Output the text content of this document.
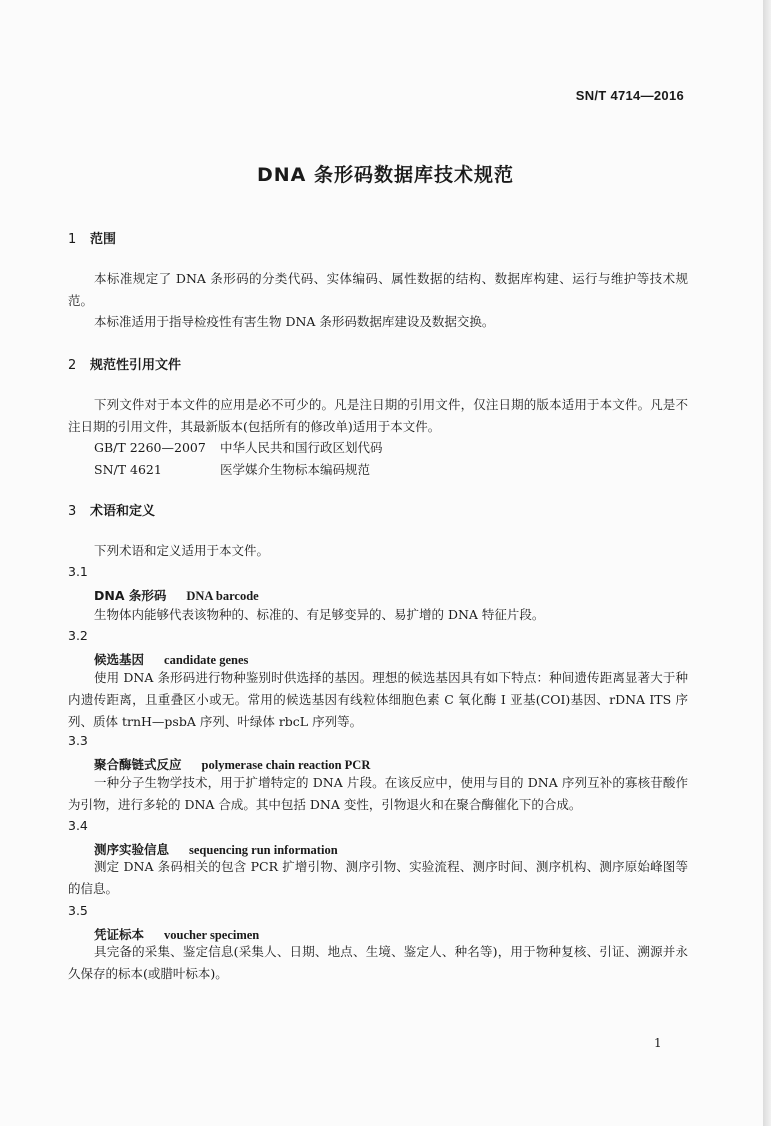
SN/T 4714—2016
DNA 条形码数据库技术规范
1 范围
本标准规定了 DNA 条形码的分类代码、实体编码、属性数据的结构、数据库构建、运行与维护等技术规范。
本标准适用于指导检疫性有害生物 DNA 条形码数据库建设及数据交换。
2 规范性引用文件
下列文件对于本文件的应用是必不可少的。凡是注日期的引用文件，仅注日期的版本适用于本文件。凡是不注日期的引用文件，其最新版本(包括所有的修改单)适用于本文件。
GB/T 2260—2007 中华人民共和国行政区划代码
SN/T 4621	医学媒介生物标本编码规范
3 术语和定义
下列术语和定义适用于本文件。
3.1
DNA 条形码 DNA barcode
生物体内能够代表该物种的、标准的、有足够变异的、易扩增的 DNA 特征片段。
3.2
候选基因 candidate genes
使用 DNA 条形码进行物种鉴别时供选择的基因。理想的候选基因具有如下特点：种间遗传距离显著大于种内遗传距离，且重叠区小或无。常用的候选基因有线粒体细胞色素 C 氧化酶 I 亚基(COI)基因、rDNA ITS 序列、质体 trnH—psbA 序列、叶绿体 rbcL 序列等。
3.3
聚合酶链式反应 polymerase chain reaction PCR
一种分子生物学技术，用于扩增特定的 DNA 片段。在该反应中，使用与目的 DNA 序列互补的寡核苷酸作为引物，进行多轮的 DNA 合成。其中包括 DNA 变性，引物退火和在聚合酶催化下的合成。
3.4
测序实验信息 sequencing run information
测定 DNA 条码相关的包含 PCR 扩增引物、测序引物、实验流程、测序时间、测序机构、测序原始峰图等的信息。
3.5
凭证标本 voucher specimen
具完备的采集、鉴定信息(采集人、日期、地点、生境、鉴定人、种名等)，用于物种复核、引证、溯源并永久保存的标本(或腊叶标本)。
1
